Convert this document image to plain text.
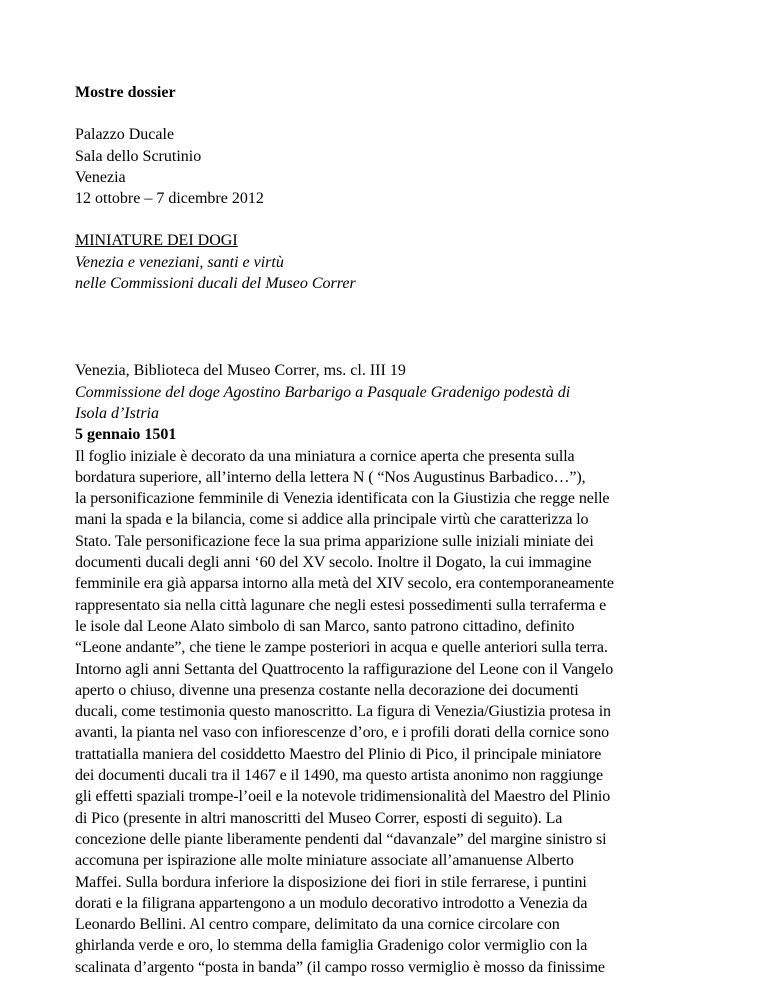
Mostre dossier
Palazzo Ducale
Sala dello Scrutinio
Venezia
12 ottobre – 7 dicembre 2012
MINIATURE DEI DOGI
Venezia e veneziani, santi e virtù
nelle Commissioni ducali del Museo Correr
Venezia, Biblioteca del Museo Correr, ms. cl. III 19
Commissione del doge Agostino Barbarigo a Pasquale Gradenigo podestà di
Isola d’Istria
5 gennaio 1501
Il foglio iniziale è decorato da una miniatura a cornice aperta che presenta sulla
bordatura superiore, all’interno della lettera N ( “Nos Augustinus Barbadico…”),
la personificazione femminile di Venezia identificata con la Giustizia che regge nelle
mani la spada e la bilancia, come si addice alla principale virtù che caratterizza lo
Stato. Tale personificazione fece la sua prima apparizione sulle iniziali miniate dei
documenti ducali degli anni ‘60 del XV secolo. Inoltre il Dogato, la cui immagine
femminile era già apparsa intorno alla metà del XIV secolo, era contemporaneamente
rappresentato sia nella città lagunare che negli estesi possedimenti sulla terraferma e
le isole dal Leone Alato simbolo di san Marco, santo patrono cittadino, definito
“Leone andante”, che tiene le zampe posteriori in acqua e quelle anteriori sulla terra.
Intorno agli anni Settanta del Quattrocento la raffigurazione del Leone con il Vangelo
aperto o chiuso, divenne una presenza costante nella decorazione dei documenti
ducali, come testimonia questo manoscritto. La figura di Venezia/Giustizia protesa in
avanti, la pianta nel vaso con infiorescenze d’oro, e i profili dorati della cornice sono
trattatialla maniera del cosiddetto Maestro del Plinio di Pico, il principale miniatore
dei documenti ducali tra il 1467 e il 1490, ma questo artista anonimo non raggiunge
gli effetti spaziali trompe-l’oeil e la notevole tridimensionalità del Maestro del Plinio
di Pico (presente in altri manoscritti del Museo Correr, esposti di seguito). La
concezione delle piante liberamente pendenti dal “davanzale” del margine sinistro si
accomuna per ispirazione alle molte miniature associate all’amanuense Alberto
Maffei. Sulla bordura inferiore la disposizione dei fiori in stile ferrarese, i puntini
dorati e la filigrana appartengono a un modulo decorativo introdotto a Venezia da
Leonardo Bellini. Al centro compare, delimitato da una cornice circolare con
ghirlanda verde e oro, lo stemma della famiglia Gradenigo color vermiglio con la
scalinata d’argento “posta in banda” (il campo rosso vermiglio è mosso da finissime
